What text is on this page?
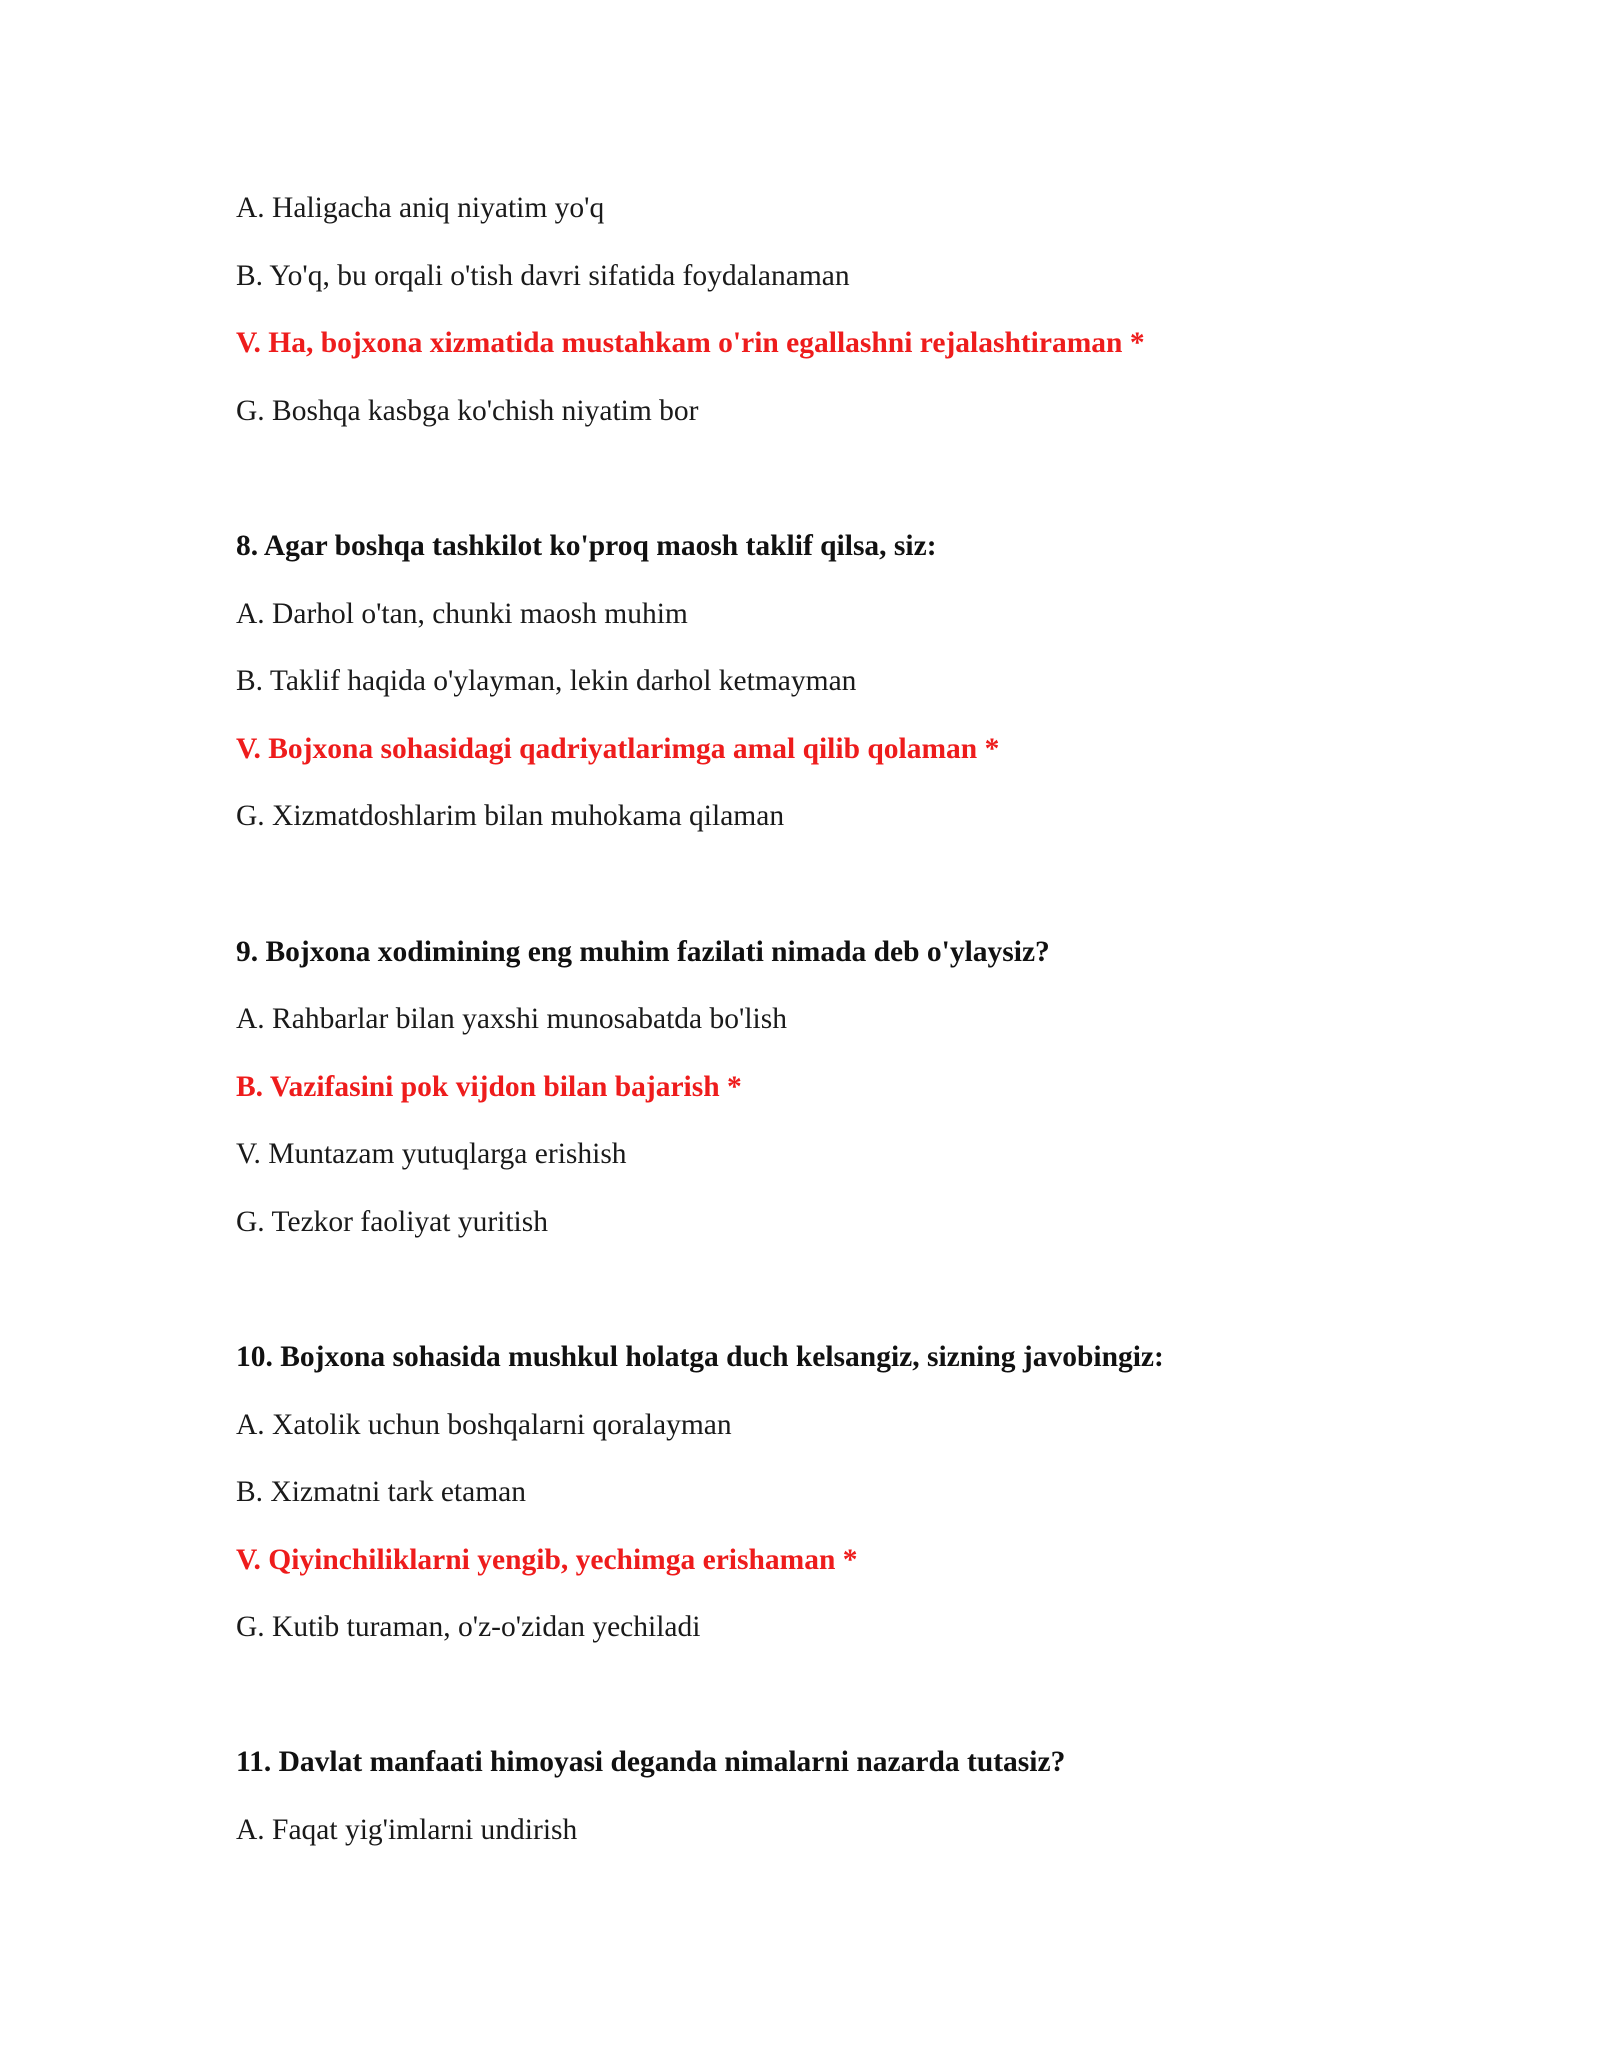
A. Haligacha aniq niyatim yo'q
B. Yo'q, bu orqali o'tish davri sifatida foydalanaman
V. Ha, bojxona xizmatida mustahkam o'rin egallashni rejalashtiraman *
G. Boshqa kasbga ko'chish niyatim bor
8. Agar boshqa tashkilot ko'proq maosh taklif qilsa, siz:
A. Darhol o'tan, chunki maosh muhim
B. Taklif haqida o'ylayman, lekin darhol ketmayman
V. Bojxona sohasidagi qadriyatlarimga amal qilib qolaman *
G. Xizmatdoshlarim bilan muhokama qilaman
9. Bojxona xodimining eng muhim fazilati nimada deb o'ylaysiz?
A. Rahbarlar bilan yaxshi munosabatda bo'lish
B. Vazifasini pok vijdon bilan bajarish *
V. Muntazam yutuqlarga erishish
G. Tezkor faoliyat yuritish
10. Bojxona sohasida mushkul holatga duch kelsangiz, sizning javobingiz:
A. Xatolik uchun boshqalarni qoralayman
B. Xizmatni tark etaman
V. Qiyinchiliklarni yengib, yechimga erishaman *
G. Kutib turaman, o'z-o'zidan yechiladi
11. Davlat manfaati himoyasi deganda nimalarni nazarda tutasiz?
A. Faqat yig'imlarni undirish
